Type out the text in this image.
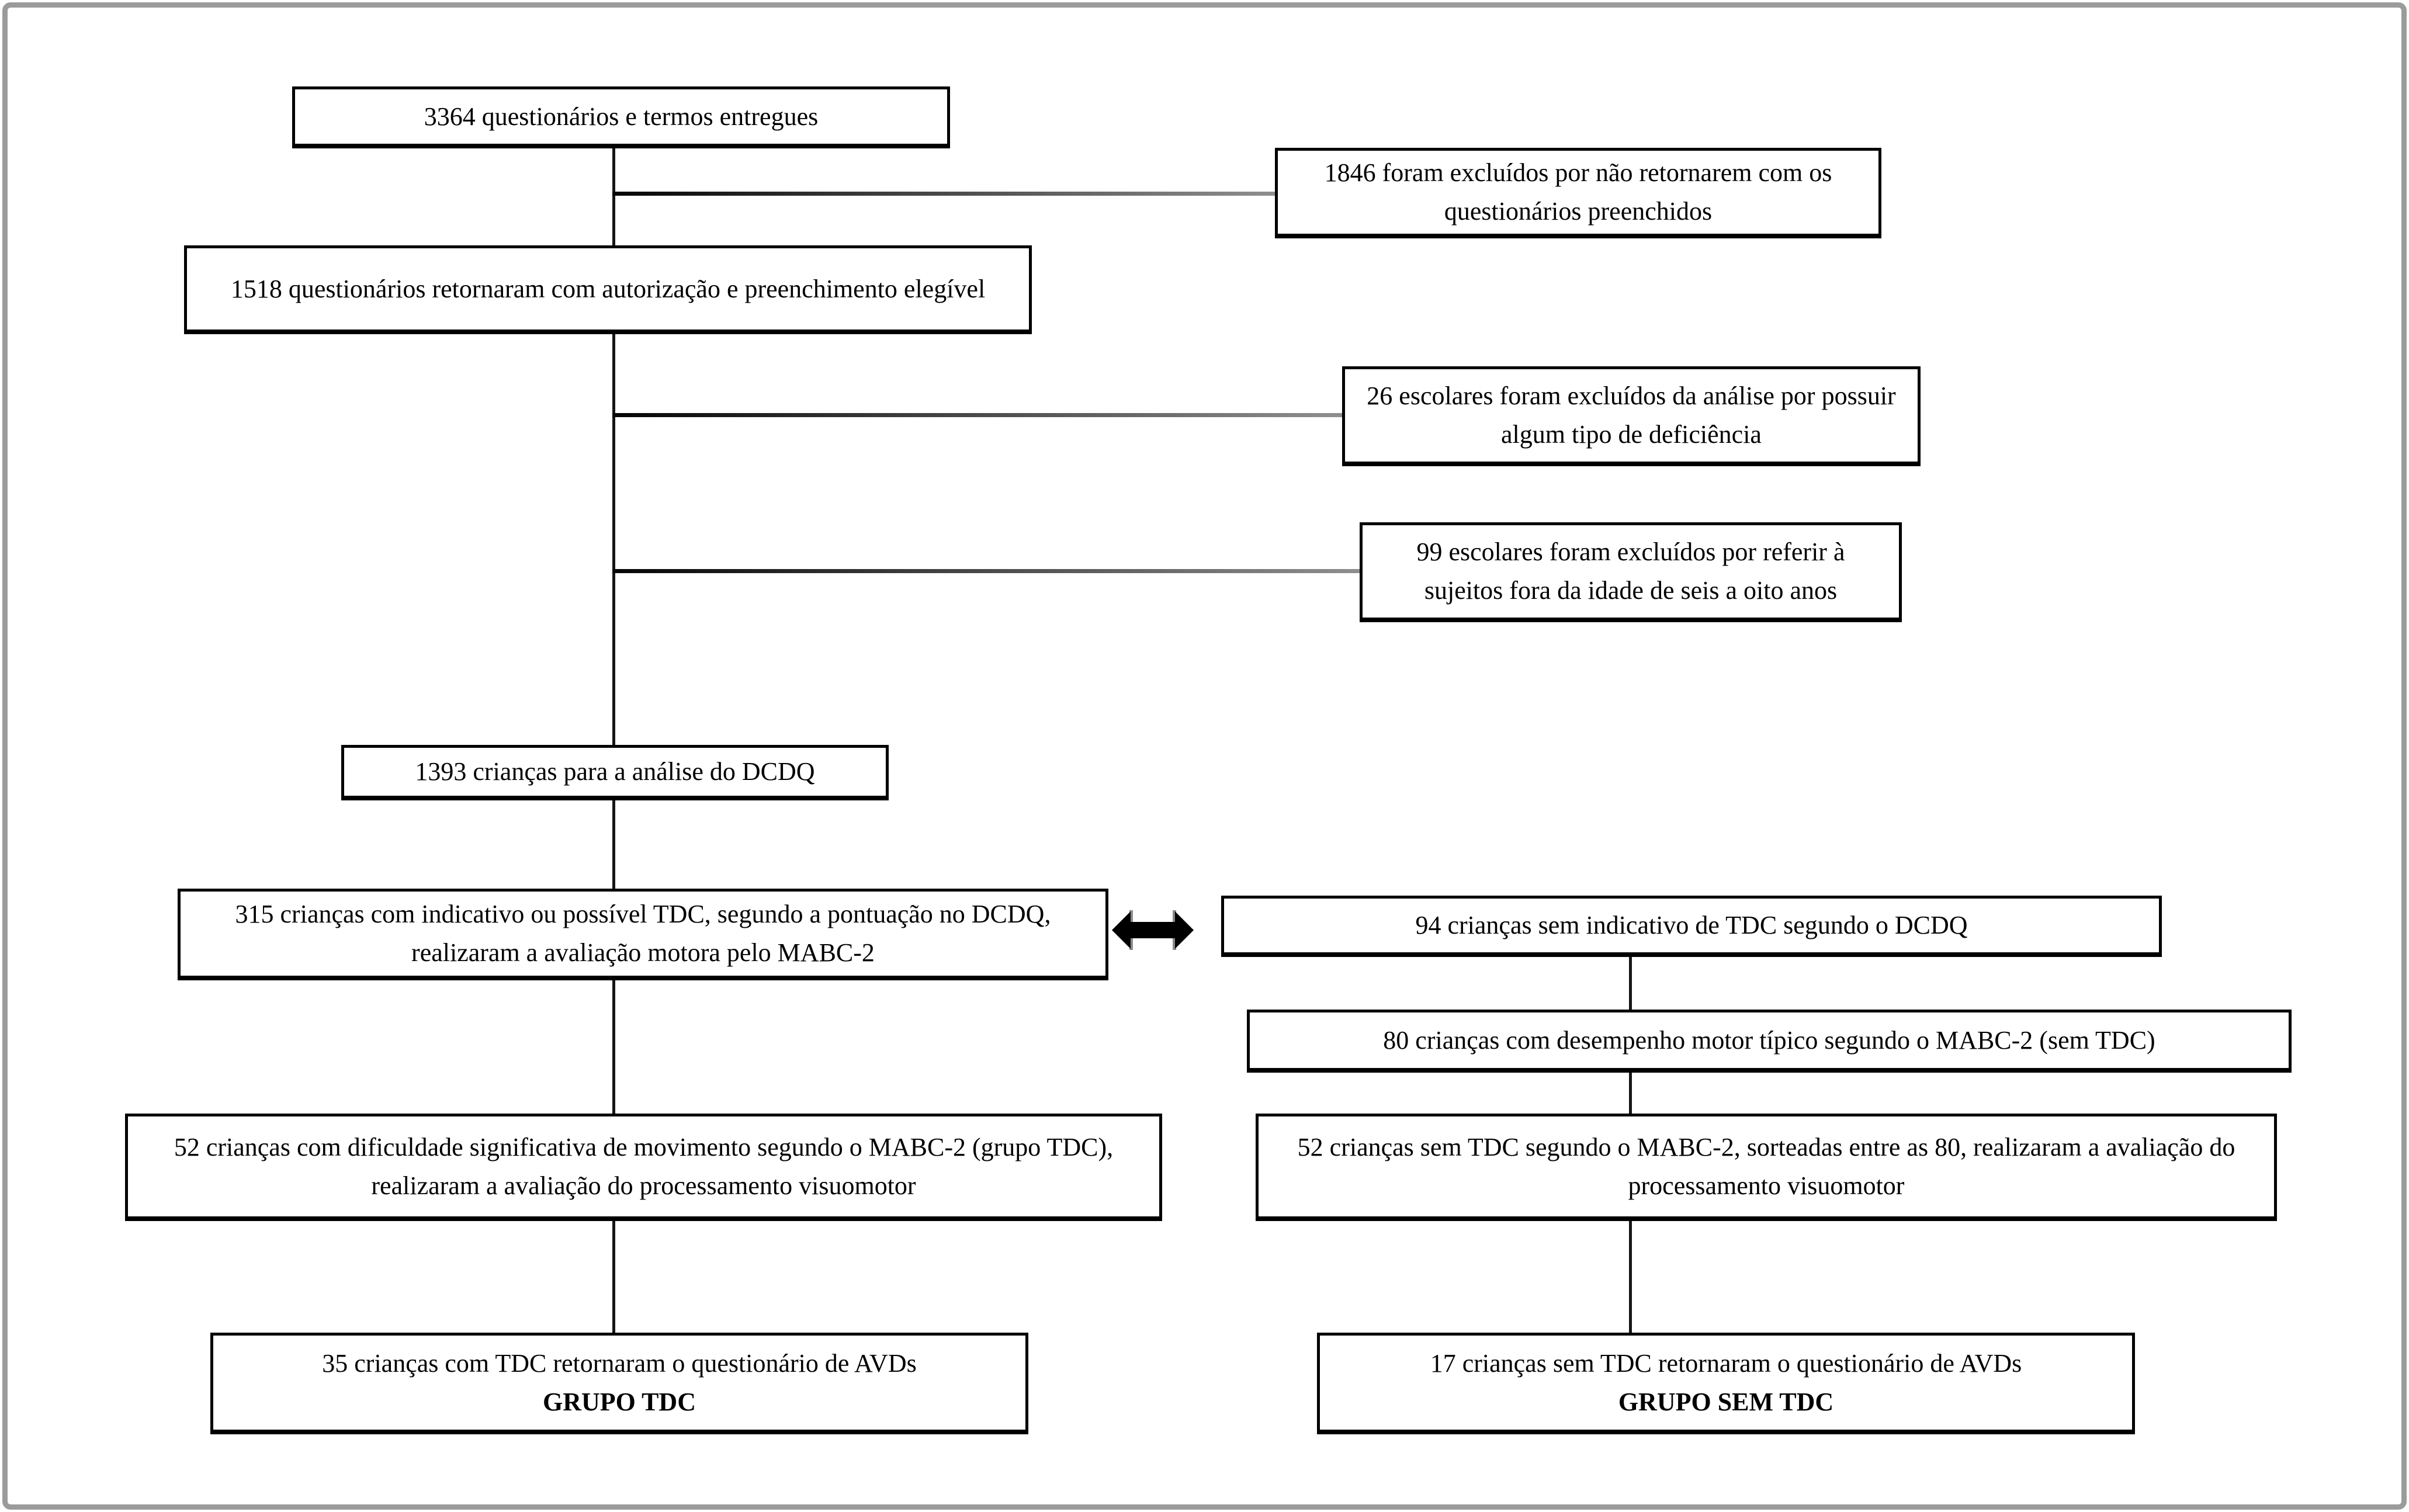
3364 questionários e termos entregues
1846 foram excluídos por não retornarem com os questionários preenchidos
1518 questionários retornaram com autorização e preenchimento elegível
26 escolares foram excluídos da análise por possuir algum tipo de deficiência
99 escolares foram excluídos por referir à sujeitos fora da idade de seis a oito anos
1393 crianças para a análise do DCDQ
315 crianças com indicativo ou possível TDC, segundo a pontuação no DCDQ, realizaram a avaliação motora pelo MABC-2
94 crianças sem indicativo de TDC segundo o DCDQ
80 crianças com desempenho motor típico segundo o MABC-2 (sem TDC)
52 crianças com dificuldade significativa de movimento segundo o MABC-2 (grupo TDC), realizaram a avaliação do processamento visuomotor
52 crianças sem TDC segundo o MABC-2, sorteadas entre as 80, realizaram a avaliação do processamento visuomotor
35 crianças com TDC retornaram o questionário de AVDs
GRUPO TDC
17 crianças sem TDC retornaram o questionário de AVDs
GRUPO SEM TDC
